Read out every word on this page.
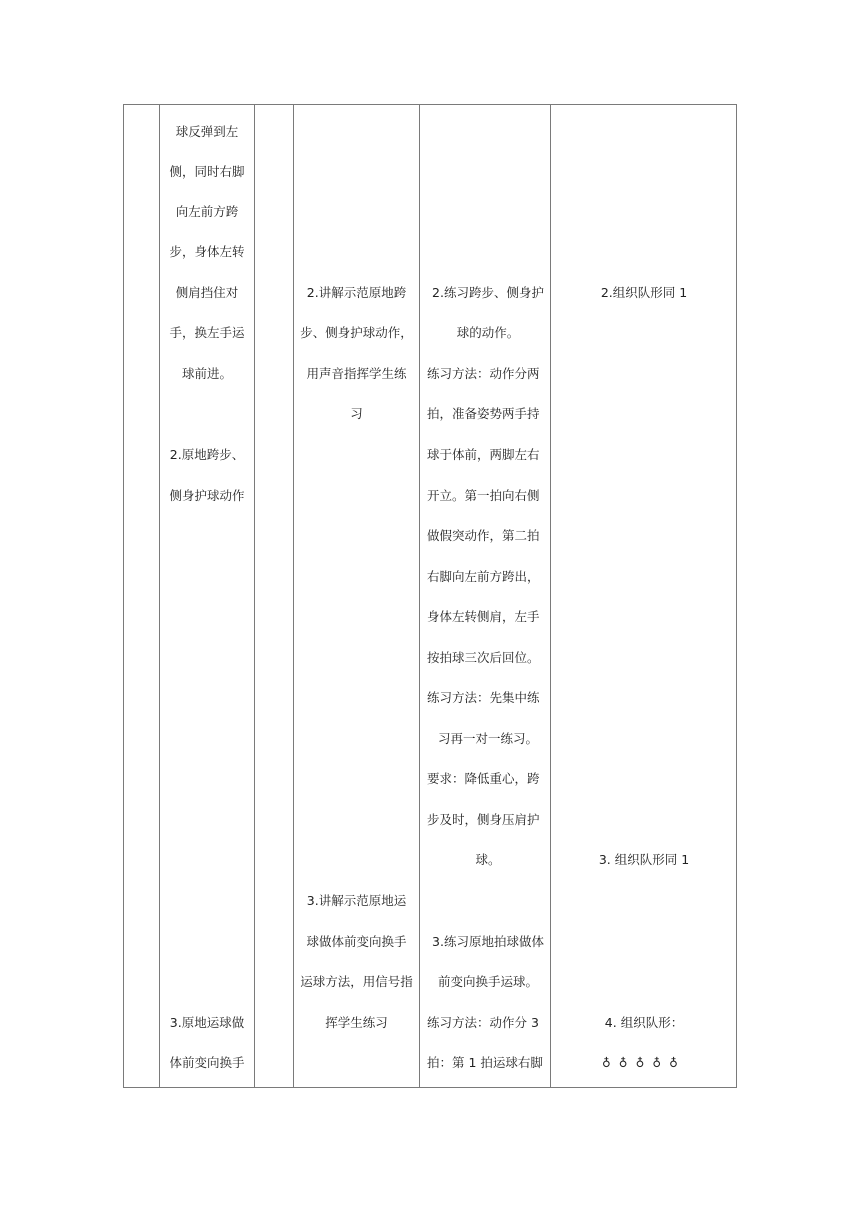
球反弹到左
侧，同时右脚
向左前方跨
步，身体左转
侧肩挡住对
手，换左手运
球前进。
2.原地跨步、
侧身护球动作
3.原地运球做
体前变向换手
2.讲解示范原地跨
步、侧身护球动作，
用声音指挥学生练
习
3.讲解示范原地运
球做体前变向换手
运球方法，用信号指
挥学生练习
2.练习跨步、侧身护
球的动作。
练习方法：动作分两
拍，准备姿势两手持
球于体前，两脚左右
开立。第一拍向右侧
做假突动作，第二拍
右脚向左前方跨出，
身体左转侧肩，左手
按拍球三次后回位。
练习方法：先集中练
习再一对一练习。
要求：降低重心，跨
步及时，侧身压肩护
球。
3.练习原地拍球做体
前变向换手运球。
练习方法：动作分 3
拍：第 1 拍运球右脚
2.组织队形同 1
3. 组织队形同 1
4. 组织队形：
♁♁♁♁♁
